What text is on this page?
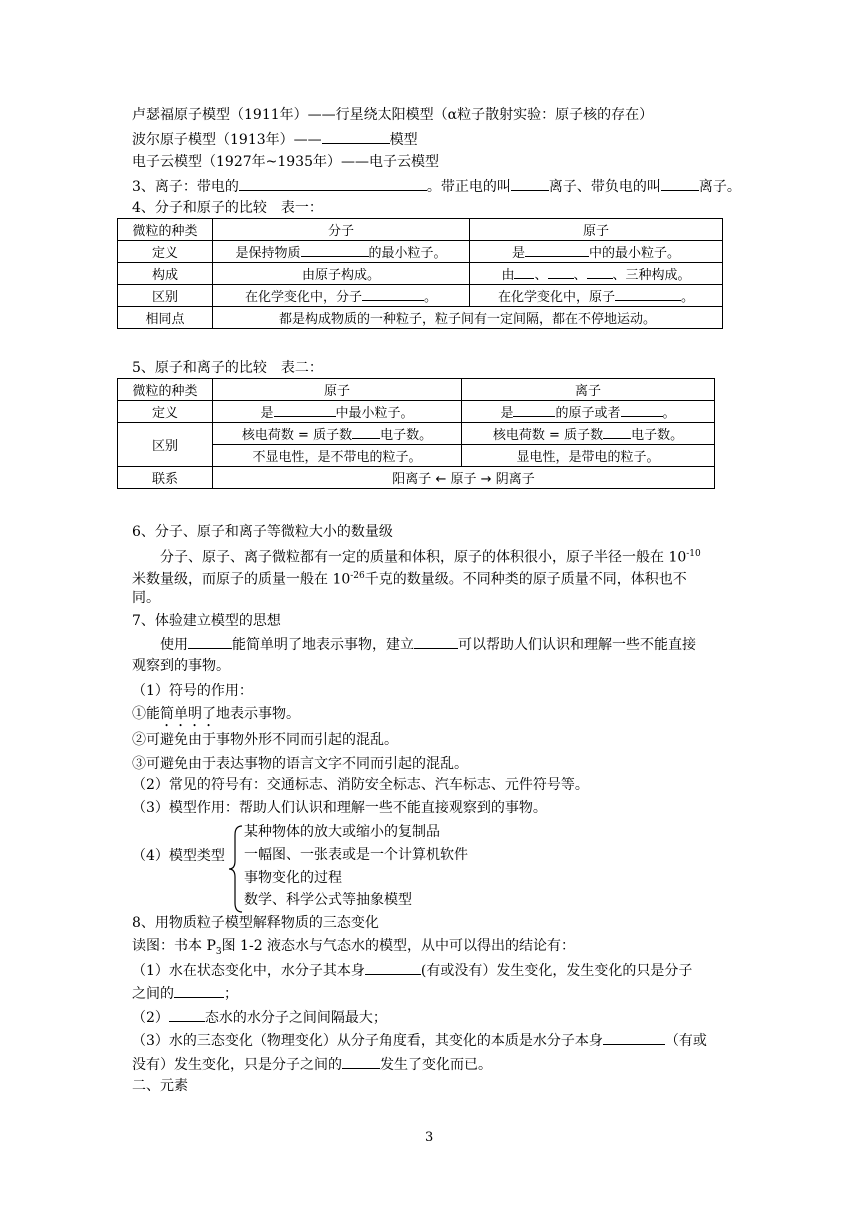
卢瑟福原子模型（1911年）——行星绕太阳模型（α粒子散射实验：原子核的存在）
波尔原子模型（1913年）——	模型
电子云模型（1927年~1935年）——电子云模型
3、离子：带电的	。带正电的叫	离子、带负电的叫	离子。
4、分子和原子的比较　表一：
微粒的种类	分子	原子
定义	是保持物质 的最小粒子。	是 中的最小粒子。
构成	由原子构成。	由 、 、 、三种构成。
区别	在化学变化中，分子 。	在化学变化中，原子 。
相同点	都是构成物质的一种粒子，粒子间有一定间隔，都在不停地运动。	
5、原子和离子的比较　表二：
微粒的种类	原子	离子
定义	是 中最小粒子。	是 的原子或者 。
区别	核电荷数 = 质子数 电子数。	核电荷数 = 质子数 电子数。
	不显电性，是不带电的粒子。	显电性，是带电的粒子。
联系	阳离子 ← 原子 → 阴离子	
6、分子、原子和离子等微粒大小的数量级
分子、原子、离子微粒都有一定的质量和体积，原子的体积很小，原子半径一般在 $10^{-10}$
米数量级，而原子的质量一般在 $10^{-26}$千克的数量级。不同种类的原子质量不同，体积也不
同。
7、体验建立模型的思想
使用	能简单明了地表示事物，建立	可以帮助人们认识和理解一些不能直接
观察到的事物。
（1）符号的作用：
①能简单明了地表示事物。
②可避免由于事物外形不同而引起的混乱。
③可避免由于表达事物的语言文字不同而引起的混乱。
（2）常见的符号有：交通标志、消防安全标志、汽车标志、元件符号等。
（3）模型作用：帮助人们认识和理解一些不能直接观察到的事物。
（4）模型类型
某种物体的放大或缩小的复制品
一幅图、一张表或是一个计算机软件
事物变化的过程
数学、科学公式等抽象模型
8、用物质粒子模型解释物质的三态变化
读图：书本 $P_3$图 1-2 液态水与气态水的模型，从中可以得出的结论有：
（1）水在状态变化中，水分子其本身	(有或没有）发生变化，发生变化的只是分子
之间的	；
（2）	态水的水分子之间间隔最大；
（3）水的三态变化（物理变化）从分子角度看，其变化的本质是水分子本身	（有或
没有）发生变化，只是分子之间的	发生了变化而已。
二、元素
3
